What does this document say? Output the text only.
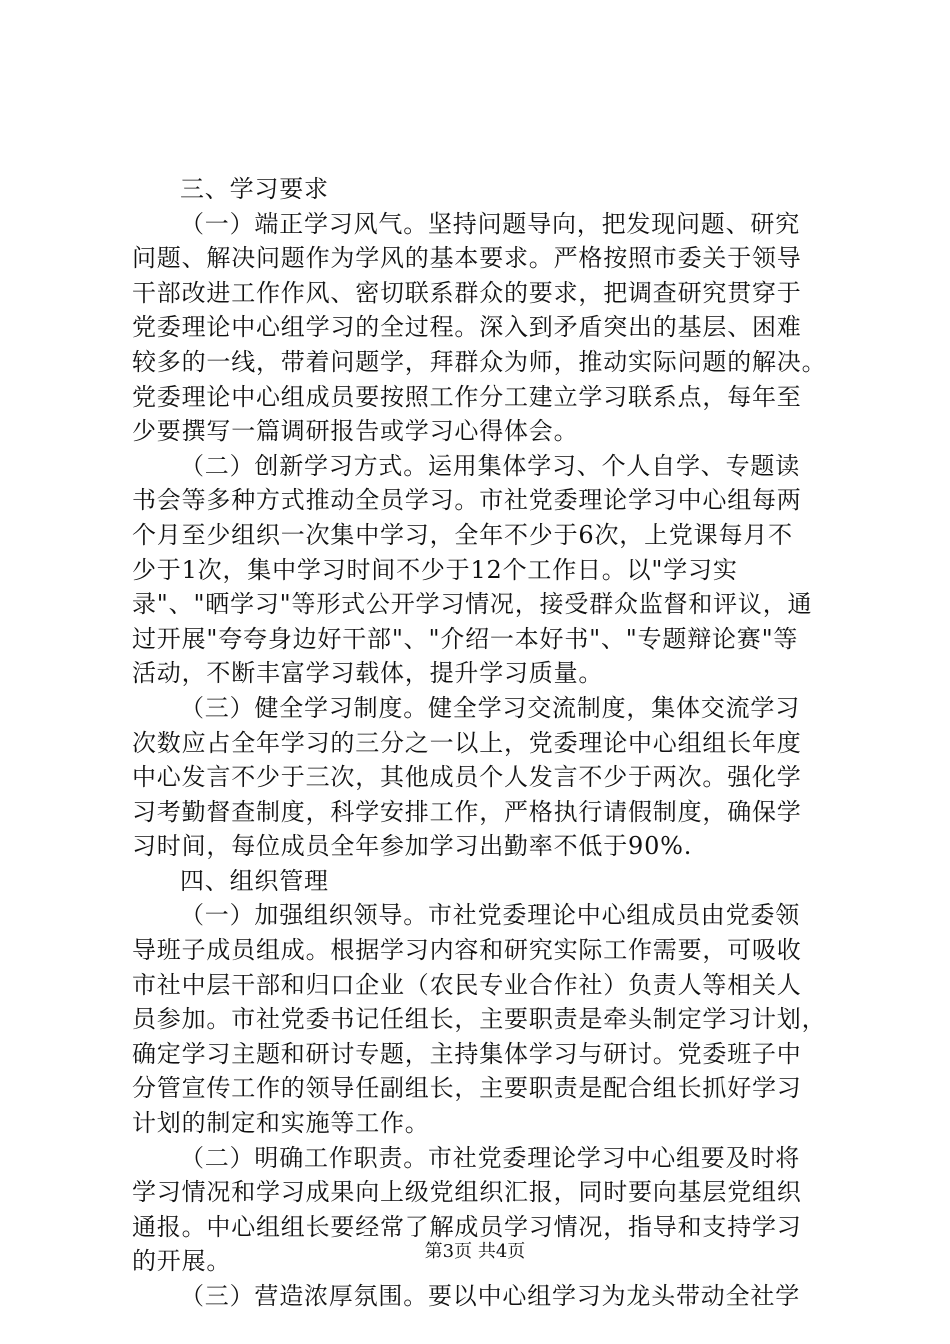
三、学习要求

（一）端正学习风气。坚持问题导向，把发现问题、研究
问题、解决问题作为学风的基本要求。严格按照市委关于领导
干部改进工作作风、密切联系群众的要求，把调查研究贯穿于
党委理论中心组学习的全过程。深入到矛盾突出的基层、困难
较多的一线，带着问题学，拜群众为师，推动实际问题的解决。
党委理论中心组成员要按照工作分工建立学习联系点，每年至
少要撰写一篇调研报告或学习心得体会。

（二）创新学习方式。运用集体学习、个人自学、专题读
书会等多种方式推动全员学习。市社党委理论学习中心组每两
个月至少组织一次集中学习，全年不少于6次，上党课每月不
少于1次，集中学习时间不少于12个工作日。以"学习实
录"、"晒学习"等形式公开学习情况，接受群众监督和评议，通
过开展"夸夸身边好干部"、"介绍一本好书"、"专题辩论赛"等
活动，不断丰富学习载体，提升学习质量。

（三）健全学习制度。健全学习交流制度，集体交流学习
次数应占全年学习的三分之一以上，党委理论中心组组长年度
中心发言不少于三次，其他成员个人发言不少于两次。强化学
习考勤督查制度，科学安排工作，严格执行请假制度，确保学
习时间，每位成员全年参加学习出勤率不低于90%.

四、组织管理

（一）加强组织领导。市社党委理论中心组成员由党委领
导班子成员组成。根据学习内容和研究实际工作需要，可吸收
市社中层干部和归口企业（农民专业合作社）负责人等相关人
员参加。市社党委书记任组长，主要职责是牵头制定学习计划，
确定学习主题和研讨专题，主持集体学习与研讨。党委班子中
分管宣传工作的领导任副组长，主要职责是配合组长抓好学习
计划的制定和实施等工作。

（二）明确工作职责。市社党委理论学习中心组要及时将
学习情况和学习成果向上级党组织汇报，同时要向基层党组织
通报。中心组组长要经常了解成员学习情况，指导和支持学习
的开展。

（三）营造浓厚氛围。要以中心组学习为龙头带动全社学

第3页 共4页
